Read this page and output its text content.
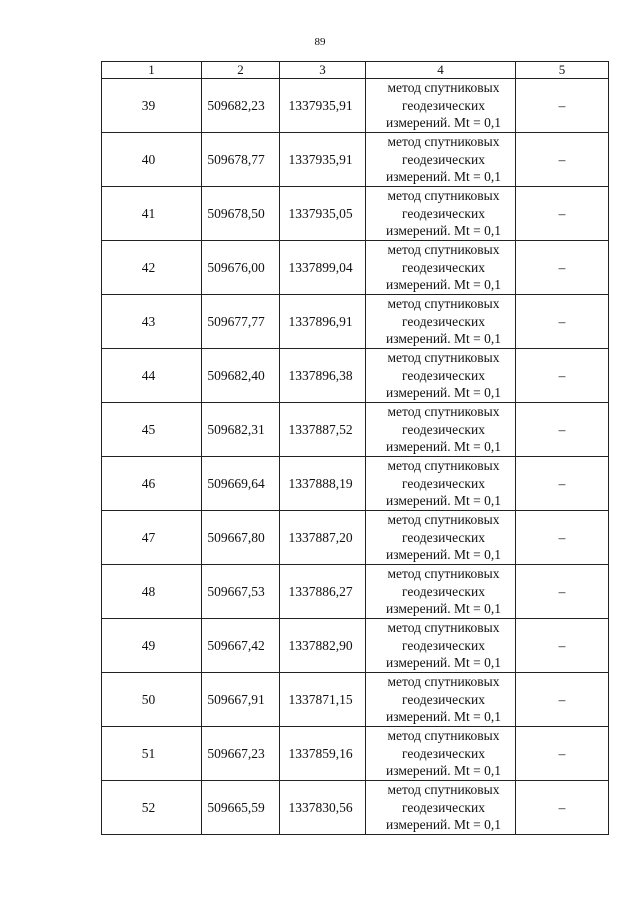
89
1	2	3	4	5
39	509682,23	1337935,91	метод спутниковых
геодезических
измерений. Mt = 0,1	–
40	509678,77	1337935,91	метод спутниковых
геодезических
измерений. Mt = 0,1	–
41	509678,50	1337935,05	метод спутниковых
геодезических
измерений. Mt = 0,1	–
42	509676,00	1337899,04	метод спутниковых
геодезических
измерений. Mt = 0,1	–
43	509677,77	1337896,91	метод спутниковых
геодезических
измерений. Mt = 0,1	–
44	509682,40	1337896,38	метод спутниковых
геодезических
измерений. Mt = 0,1	–
45	509682,31	1337887,52	метод спутниковых
геодезических
измерений. Mt = 0,1	–
46	509669,64	1337888,19	метод спутниковых
геодезических
измерений. Mt = 0,1	–
47	509667,80	1337887,20	метод спутниковых
геодезических
измерений. Mt = 0,1	–
48	509667,53	1337886,27	метод спутниковых
геодезических
измерений. Mt = 0,1	–
49	509667,42	1337882,90	метод спутниковых
геодезических
измерений. Mt = 0,1	–
50	509667,91	1337871,15	метод спутниковых
геодезических
измерений. Mt = 0,1	–
51	509667,23	1337859,16	метод спутниковых
геодезических
измерений. Mt = 0,1	–
52	509665,59	1337830,56	метод спутниковых
геодезических
измерений. Mt = 0,1	–
